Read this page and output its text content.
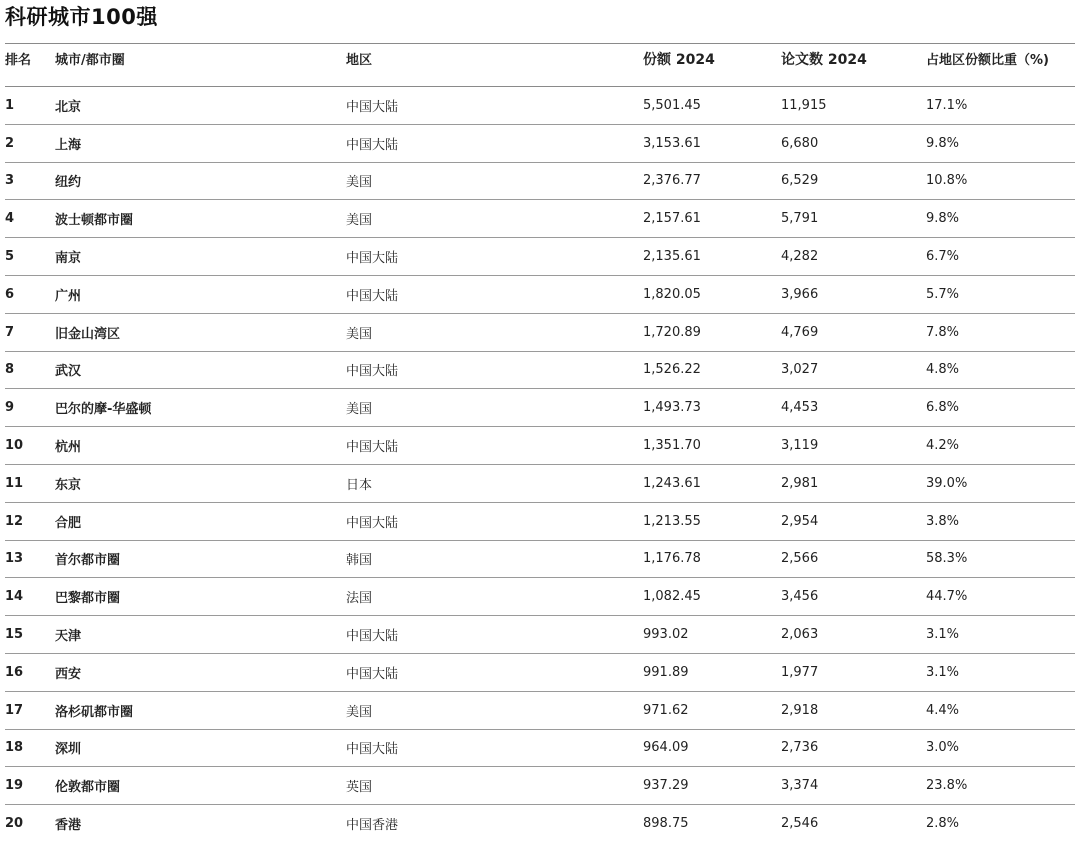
科研城市100强
排名	城市/都市圈	地区	份额 2024	论文数 2024	占地区份额比重（%)
1	北京	中国大陆	5,501.45	11,915	17.1%
2	上海	中国大陆	3,153.61	6,680	9.8%
3	纽约	美国	2,376.77	6,529	10.8%
4	波士顿都市圈	美国	2,157.61	5,791	9.8%
5	南京	中国大陆	2,135.61	4,282	6.7%
6	广州	中国大陆	1,820.05	3,966	5.7%
7	旧金山湾区	美国	1,720.89	4,769	7.8%
8	武汉	中国大陆	1,526.22	3,027	4.8%
9	巴尔的摩-华盛顿	美国	1,493.73	4,453	6.8%
10	杭州	中国大陆	1,351.70	3,119	4.2%
11	东京	日本	1,243.61	2,981	39.0%
12	合肥	中国大陆	1,213.55	2,954	3.8%
13	首尔都市圈	韩国	1,176.78	2,566	58.3%
14	巴黎都市圈	法国	1,082.45	3,456	44.7%
15	天津	中国大陆	993.02	2,063	3.1%
16	西安	中国大陆	991.89	1,977	3.1%
17	洛杉矶都市圈	美国	971.62	2,918	4.4%
18	深圳	中国大陆	964.09	2,736	3.0%
19	伦敦都市圈	英国	937.29	3,374	23.8%
20	香港	中国香港	898.75	2,546	2.8%
